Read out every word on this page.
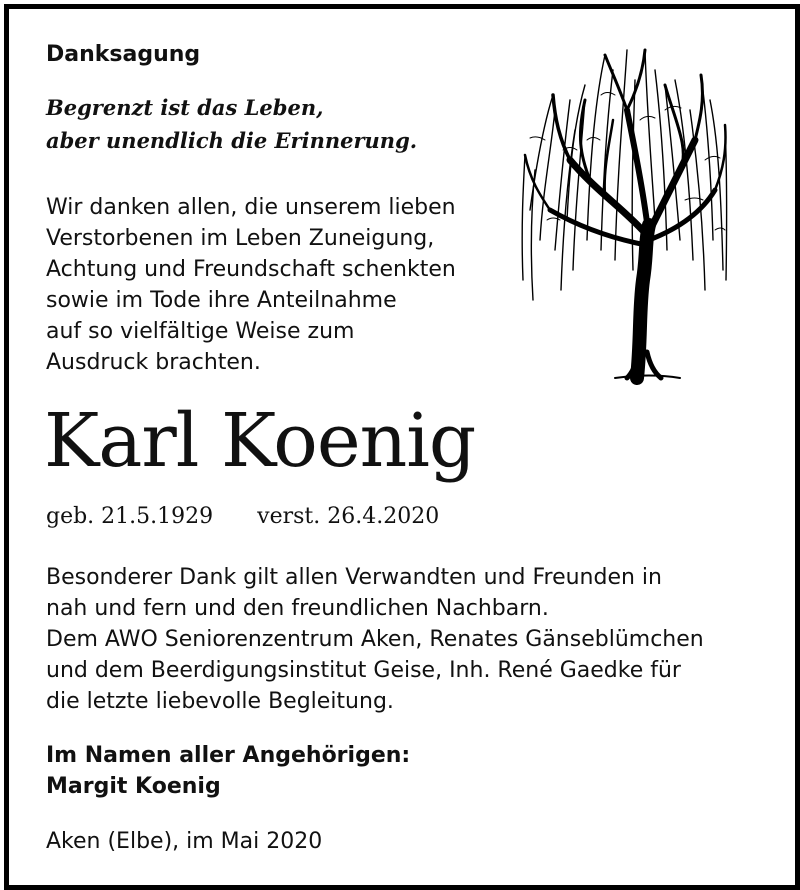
Danksagung
Begrenzt ist das Leben,
aber unendlich die Erinnerung.
Wir danken allen, die unserem lieben
Verstorbenen im Leben Zuneigung,
Achtung und Freundschaft schenkten
sowie im Tode ihre Anteilnahme
auf so vielfältige Weise zum
Ausdruck brachten.
Karl Koenig
geb. 21.5.1929 verst. 26.4.2020
Besonderer Dank gilt allen Verwandten und Freunden in
nah und fern und den freundlichen Nachbarn.
Dem AWO Seniorenzentrum Aken, Renates Gänseblümchen
und dem Beerdigungsinstitut Geise, Inh. René Gaedke für
die letzte liebevolle Begleitung.
Im Namen aller Angehörigen:
Margit Koenig
Aken (Elbe), im Mai 2020
